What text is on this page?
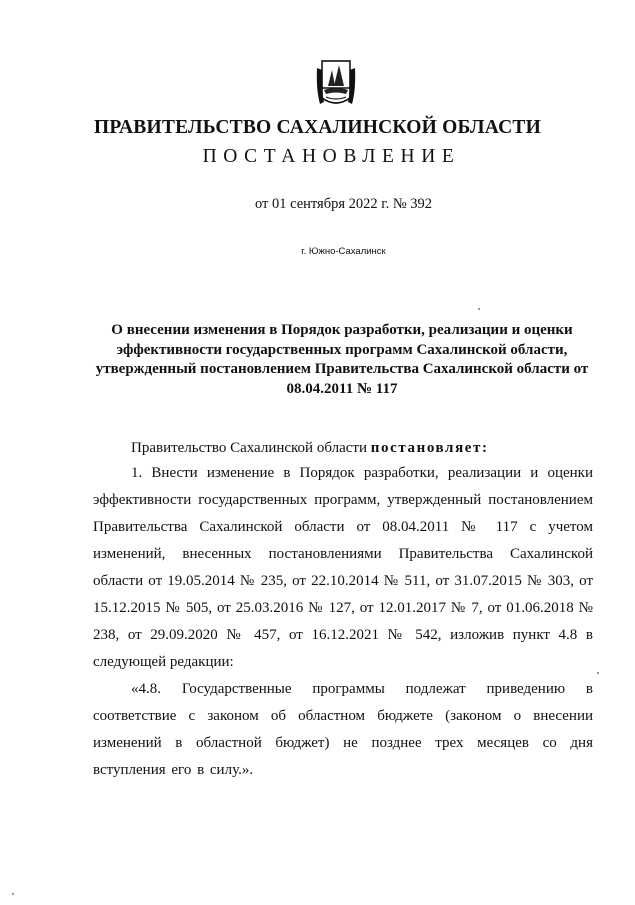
ПРАВИТЕЛЬСТВО САХАЛИНСКОЙ ОБЛАСТИ
ПОСТАНОВЛЕНИЕ
от 01 сентября 2022 г. № 392
г. Южно-Сахалинск
О внесении изменения в Порядок разработки, реализации и оценки эффективности государственных программ Сахалинской области, утвержденный постановлением Правительства Сахалинской области от 08.04.2011 № 117
Правительство Сахалинской области постановляет:

1. Внести изменение в Порядок разработки, реализации и оценки эффективности государственных программ, утвержденный постановлением Правительства Сахалинской области от 08.04.2011 № 117 с учетом изменений, внесенных постановлениями Правительства Сахалинской области от 19.05.2014 № 235, от 22.10.2014 № 511, от 31.07.2015 № 303, от 15.12.2015 № 505, от 25.03.2016 № 127, от 12.01.2017 № 7, от 01.06.2018 № 238, от 29.09.2020 № 457, от 16.12.2021 № 542, изложив пункт 4.8 в следующей редакции:

«4.8. Государственные программы подлежат приведению в соответствие с законом об областном бюджете (законом о внесении изменений в областной бюджет) не позднее трех месяцев со дня вступления его в силу.».
